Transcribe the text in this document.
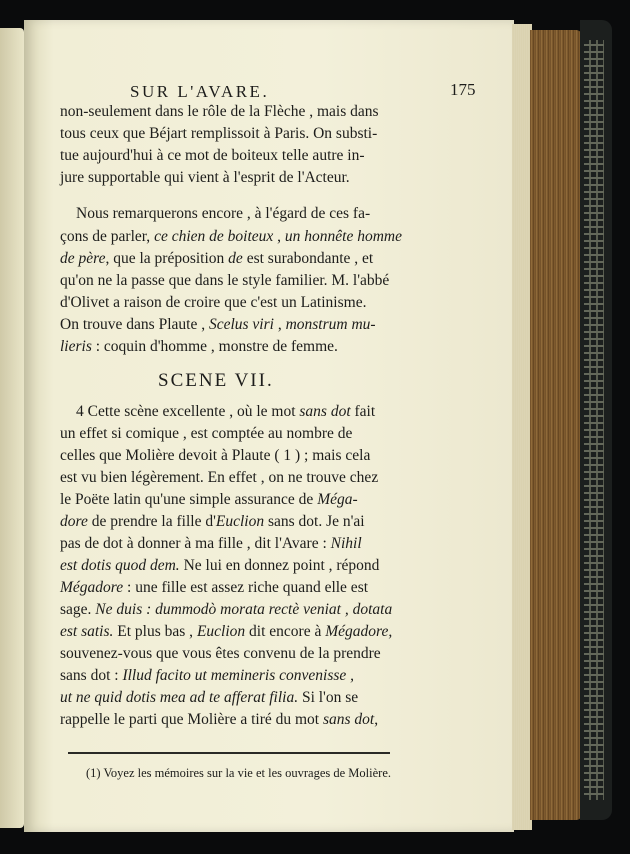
SUR L'AVARE.	175
non-seulement dans le rôle de la Flèche , mais dans
tous ceux que Béjart remplissoit à Paris. On substi-
tue aujourd'hui à ce mot de boiteux telle autre in-
jure supportable qui vient à l'esprit de l'Acteur.
Nous remarquerons encore , à l'égard de ces fa-
çons de parler, ce chien de boiteux , un honnête homme
de père, que la préposition de est surabondante , et
qu'on ne la passe que dans le style familier. M. l'abbé
d'Olivet a raison de croire que c'est un Latinisme.
On trouve dans Plaute , Scelus viri , monstrum mu-
lieris : coquin d'homme , monstre de femme.
SCENE VII.
4 Cette scène excellente , où le mot sans dot fait
un effet si comique , est comptée au nombre de
celles que Molière devoit à Plaute ( 1 ) ; mais cela
est vu bien légèrement. En effet , on ne trouve chez
le Poëte latin qu'une simple assurance de Méga-
dore de prendre la fille d'Euclion sans dot. Je n'ai
pas de dot à donner à ma fille , dit l'Avare : Nihil
est dotis quod dem. Ne lui en donnez point , répond
Mégadore : une fille est assez riche quand elle est
sage. Ne duis : dummodò morata rectè veniat , dotata
est satis. Et plus bas , Euclion dit encore à Mégadore,
souvenez-vous que vous êtes convenu de la prendre
sans dot : Illud facito ut memineris convenisse ,
ut ne quid dotis mea ad te afferat filia. Si l'on se
rappelle le parti que Molière a tiré du mot sans dot,
(1) Voyez les mémoires sur la vie et les ouvrages de Molière.
